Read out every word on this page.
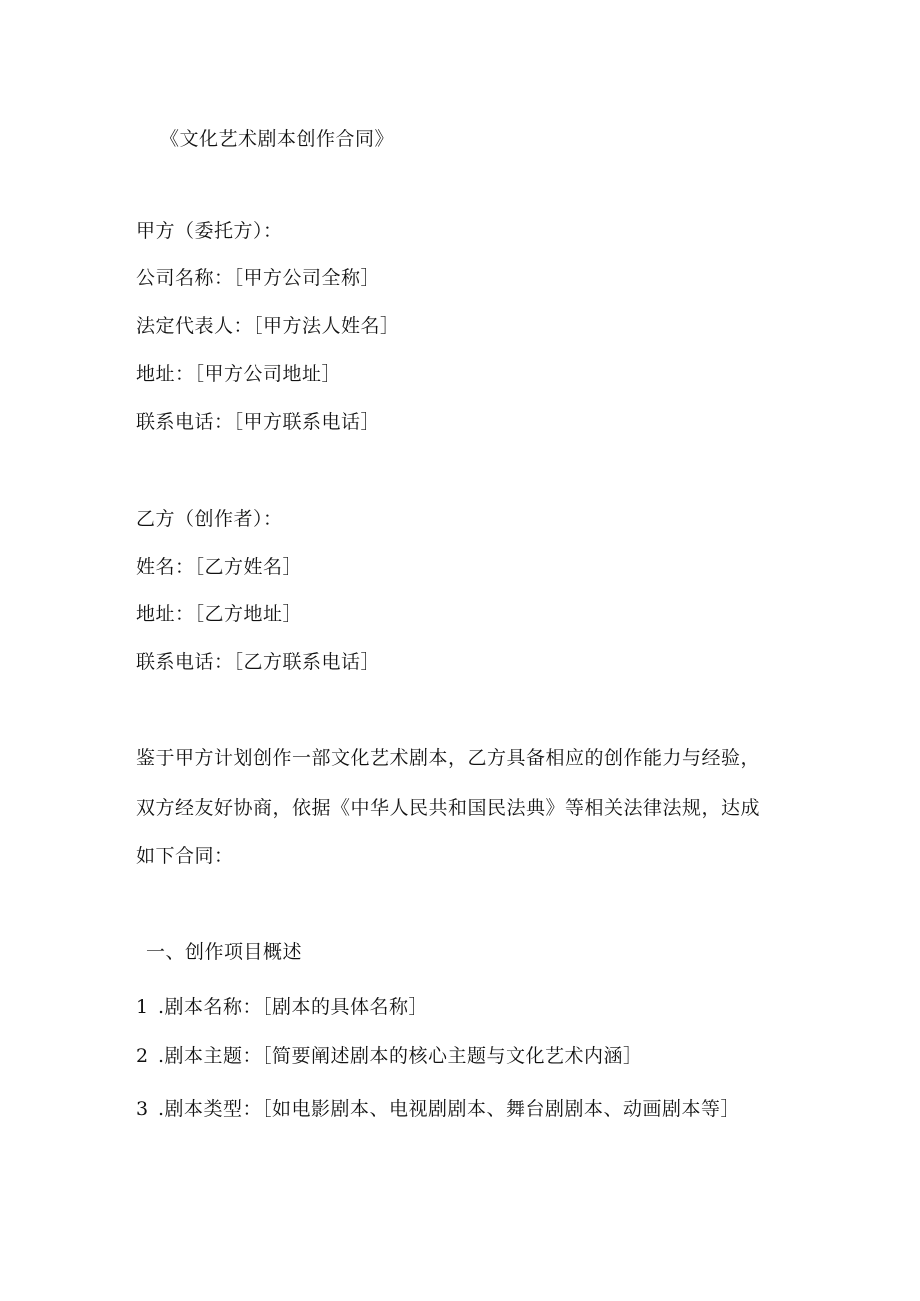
《文化艺术剧本创作合同》
甲方（委托方）：
公司名称：［甲方公司全称］
法定代表人：［甲方法人姓名］
地址：［甲方公司地址］
联系电话：［甲方联系电话］
乙方（创作者）：
姓名：［乙方姓名］
地址：［乙方地址］
联系电话：［乙方联系电话］
鉴于甲方计划创作一部文化艺术剧本，乙方具备相应的创作能力与经验，
双方经友好协商，依据《中华人民共和国民法典》等相关法律法规，达成
如下合同：
一、创作项目概述
1 .剧本名称：［剧本的具体名称］
2 .剧本主题：［简要阐述剧本的核心主题与文化艺术内涵］
3 .剧本类型：［如电影剧本、电视剧剧本、舞台剧剧本、动画剧本等］
